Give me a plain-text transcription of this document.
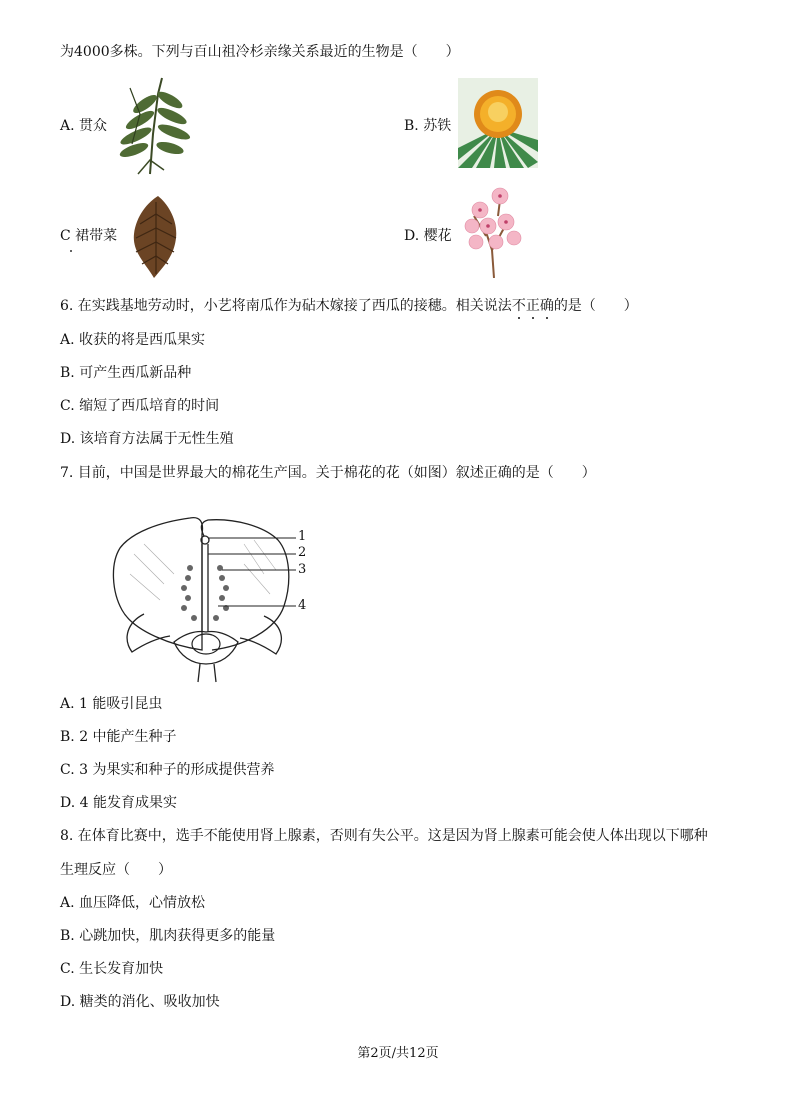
为4000多株。下列与百山祖冷杉亲缘关系最近的生物是（　　）
A. 贯众	B. 苏铁
C 裙带菜	D. 樱花
6. 在实践基地劳动时，小艺将南瓜作为砧木嫁接了西瓜的接穗。相关说法不正确的是（　　）
A. 收获的将是西瓜果实
B. 可产生西瓜新品种
C. 缩短了西瓜培育的时间
D. 该培育方法属于无性生殖
7. 目前，中国是世界最大的棉花生产国。关于棉花的花（如图）叙述正确的是（　　）
1
2
3
4
A. 1 能吸引昆虫
B. 2 中能产生种子
C. 3 为果实和种子的形成提供营养
D. 4 能发育成果实
8. 在体育比赛中，选手不能使用肾上腺素，否则有失公平。这是因为肾上腺素可能会使人体出现以下哪种
生理反应（　　）
A. 血压降低，心情放松
B. 心跳加快，肌肉获得更多的能量
C. 生长发育加快
D. 糖类的消化、吸收加快
第2页/共12页
